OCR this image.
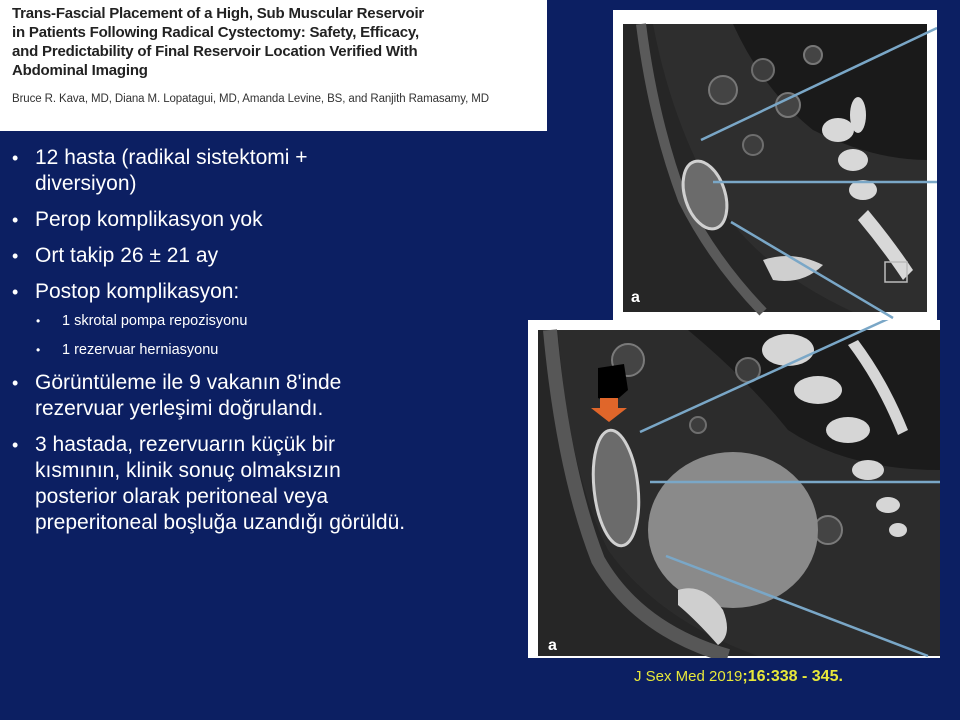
Trans-Fascial Placement of a High, Sub Muscular Reservoir
in Patients Following Radical Cystectomy: Safety, Efficacy,
and Predictability of Final Reservoir Location Verified With
Abdominal Imaging

Bruce R. Kava, MD, Diana M. Lopatagui, MD, Amanda Levine, BS, and Ranjith Ramasamy, MD
• 12 hasta (radikal sistektomi + diversiyon)
• Perop komplikasyon yok
• Ort takip 26 ± 21 ay
• Postop komplikasyon:
• 1 skrotal pompa repozisyonu
• 1 rezervuar herniasyonu
• Görüntüleme ile 9 vakanın 8'inde rezervuar yerleşimi doğrulandı.
• 3 hastada, rezervuarın küçük bir kısmının, klinik sonuç olmaksızın posterior olarak peritoneal veya preperitoneal boşluğa uzandığı görüldü.
a
a
J Sex Med 2019;16:338 - 345.
